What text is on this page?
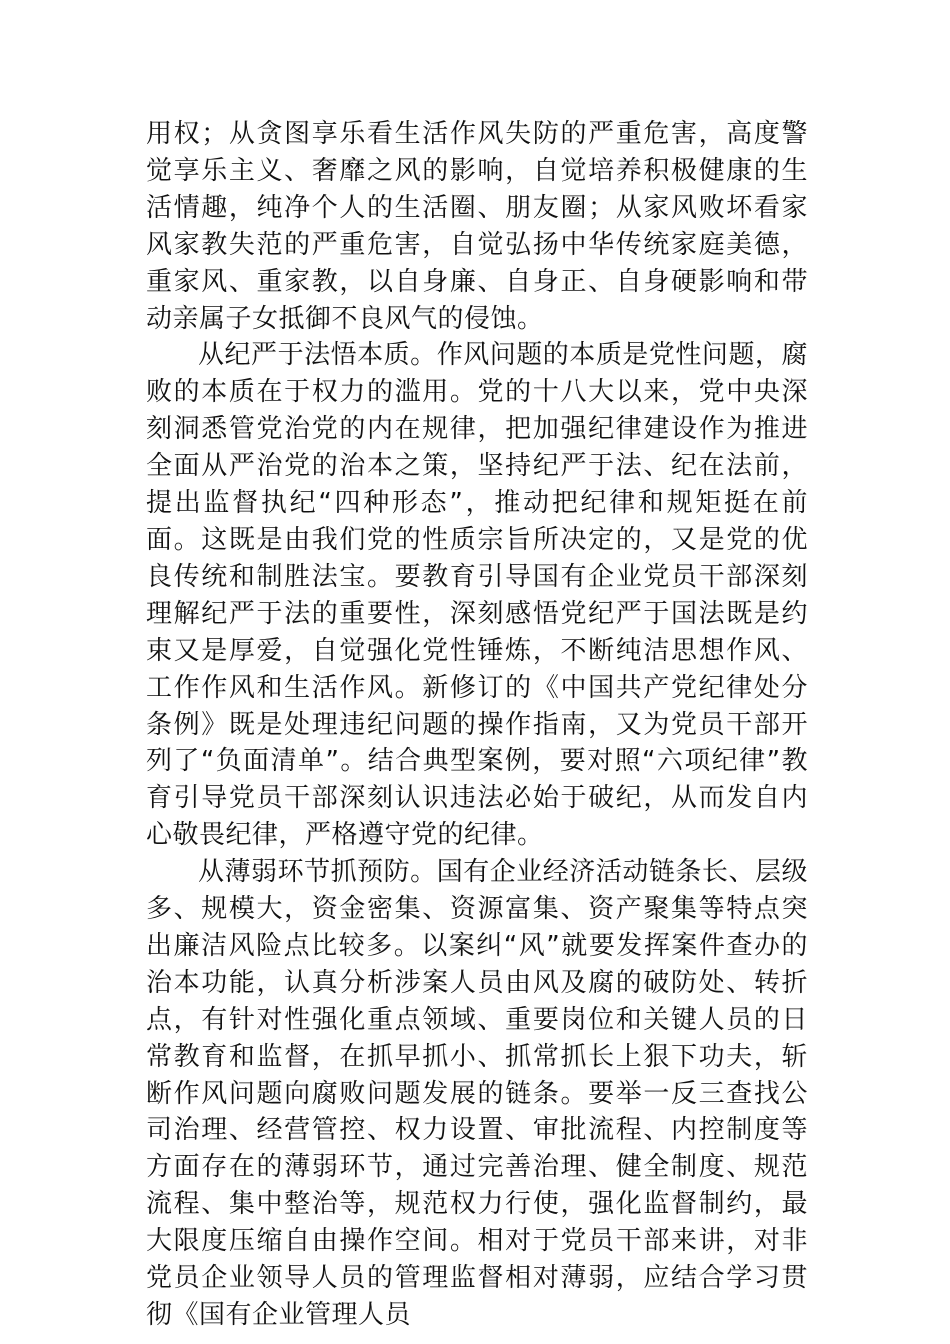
用权；从贪图享乐看生活作风失防的严重危害，高度警觉享乐主义、奢靡之风的影响，自觉培养积极健康的生活情趣，纯净个人的生活圈、朋友圈；从家风败坏看家风家教失范的严重危害，自觉弘扬中华传统家庭美德，重家风、重家教，以自身廉、自身正、自身硬影响和带动亲属子女抵御不良风气的侵蚀。

从纪严于法悟本质。作风问题的本质是党性问题，腐败的本质在于权力的滥用。党的十八大以来，党中央深刻洞悉管党治党的内在规律，把加强纪律建设作为推进全面从严治党的治本之策，坚持纪严于法、纪在法前，提出监督执纪“四种形态”，推动把纪律和规矩挺在前面。这既是由我们党的性质宗旨所决定的，又是党的优良传统和制胜法宝。要教育引导国有企业党员干部深刻理解纪严于法的重要性，深刻感悟党纪严于国法既是约束又是厚爱，自觉强化党性锤炼，不断纯洁思想作风、工作作风和生活作风。新修订的《中国共产党纪律处分条例》既是处理违纪问题的操作指南，又为党员干部开列了“负面清单”。结合典型案例，要对照“六项纪律”教育引导党员干部深刻认识违法必始于破纪，从而发自内心敬畏纪律，严格遵守党的纪律。

从薄弱环节抓预防。国有企业经济活动链条长、层级多、规模大，资金密集、资源富集、资产聚集等特点突出廉洁风险点比较多。以案纠“风”就要发挥案件查办的治本功能，认真分析涉案人员由风及腐的破防处、转折点，有针对性强化重点领域、重要岗位和关键人员的日常教育和监督，在抓早抓小、抓常抓长上狠下功夫，斩断作风问题向腐败问题发展的链条。要举一反三查找公司治理、经营管控、权力设置、审批流程、内控制度等方面存在的薄弱环节，通过完善治理、健全制度、规范流程、集中整治等，规范权力行使，强化监督制约，最大限度压缩自由操作空间。相对于党员干部来讲，对非党员企业领导人员的管理监督相对薄弱，应结合学习贯彻《国有企业管理人员
